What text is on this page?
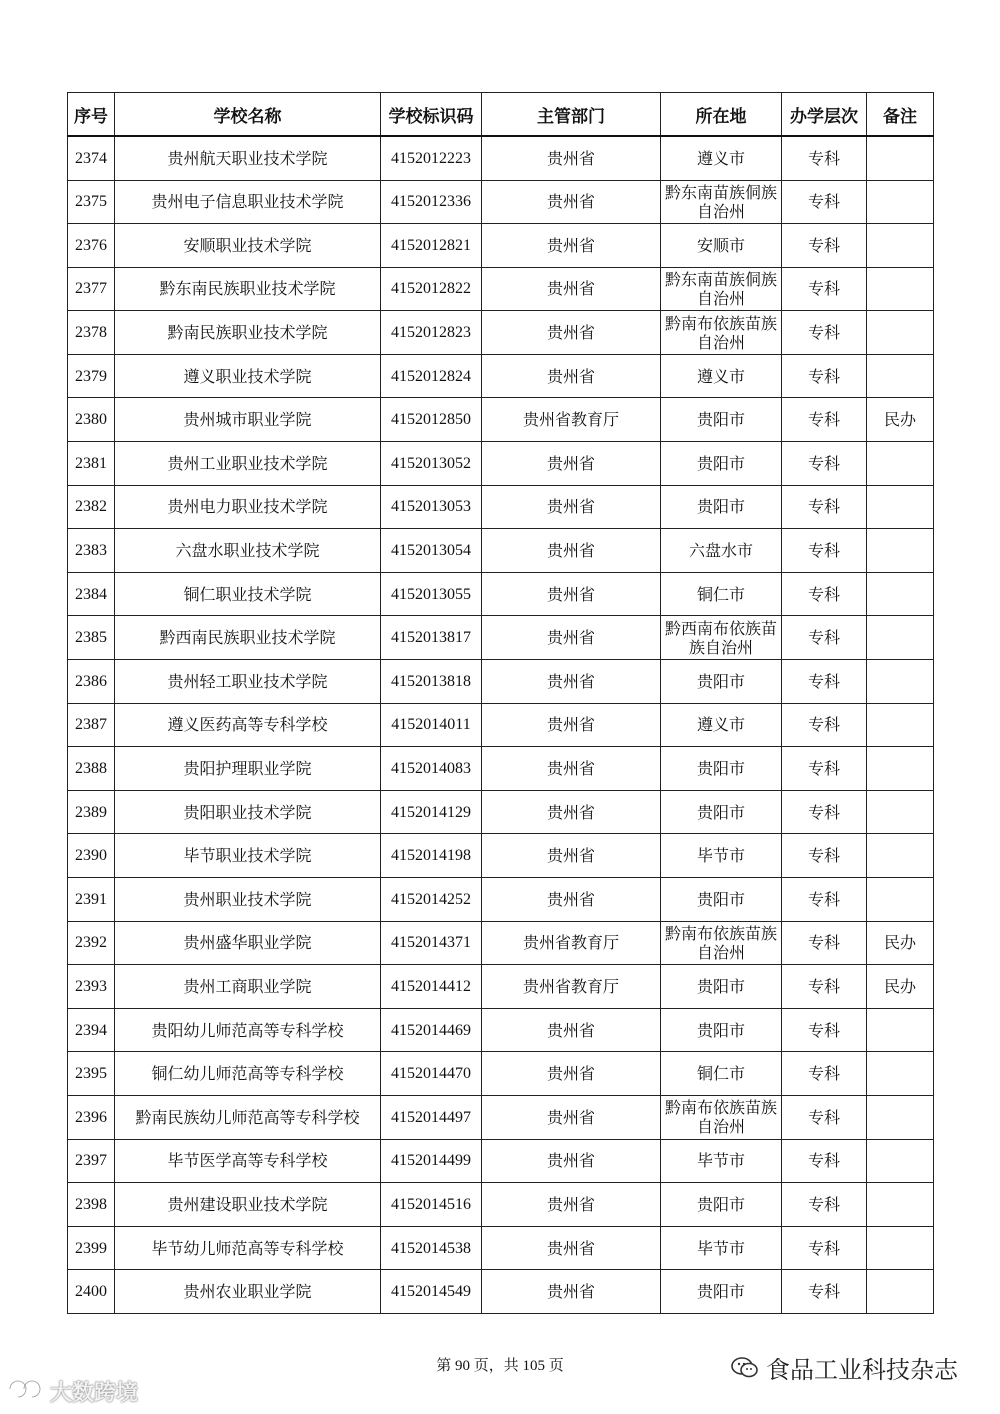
序号	学校名称	学校标识码	主管部门	所在地	办学层次	备注
2374	贵州航天职业技术学院	4152012223	贵州省	遵义市	专科	
2375	贵州电子信息职业技术学院	4152012336	贵州省	黔东南苗族侗族自治州	专科	
2376	安顺职业技术学院	4152012821	贵州省	安顺市	专科	
2377	黔东南民族职业技术学院	4152012822	贵州省	黔东南苗族侗族自治州	专科	
2378	黔南民族职业技术学院	4152012823	贵州省	黔南布依族苗族自治州	专科	
2379	遵义职业技术学院	4152012824	贵州省	遵义市	专科	
2380	贵州城市职业学院	4152012850	贵州省教育厅	贵阳市	专科	民办
2381	贵州工业职业技术学院	4152013052	贵州省	贵阳市	专科	
2382	贵州电力职业技术学院	4152013053	贵州省	贵阳市	专科	
2383	六盘水职业技术学院	4152013054	贵州省	六盘水市	专科	
2384	铜仁职业技术学院	4152013055	贵州省	铜仁市	专科	
2385	黔西南民族职业技术学院	4152013817	贵州省	黔西南布依族苗族自治州	专科	
2386	贵州轻工职业技术学院	4152013818	贵州省	贵阳市	专科	
2387	遵义医药高等专科学校	4152014011	贵州省	遵义市	专科	
2388	贵阳护理职业学院	4152014083	贵州省	贵阳市	专科	
2389	贵阳职业技术学院	4152014129	贵州省	贵阳市	专科	
2390	毕节职业技术学院	4152014198	贵州省	毕节市	专科	
2391	贵州职业技术学院	4152014252	贵州省	贵阳市	专科	
2392	贵州盛华职业学院	4152014371	贵州省教育厅	黔南布依族苗族自治州	专科	民办
2393	贵州工商职业学院	4152014412	贵州省教育厅	贵阳市	专科	民办
2394	贵阳幼儿师范高等专科学校	4152014469	贵州省	贵阳市	专科	
2395	铜仁幼儿师范高等专科学校	4152014470	贵州省	铜仁市	专科	
2396	黔南民族幼儿师范高等专科学校	4152014497	贵州省	黔南布依族苗族自治州	专科	
2397	毕节医学高等专科学校	4152014499	贵州省	毕节市	专科	
2398	贵州建设职业技术学院	4152014516	贵州省	贵阳市	专科	
2399	毕节幼儿师范高等专科学校	4152014538	贵州省	毕节市	专科	
2400	贵州农业职业学院	4152014549	贵州省	贵阳市	专科	
第 90 页，共 105 页	食品工业科技杂志
大数跨境
